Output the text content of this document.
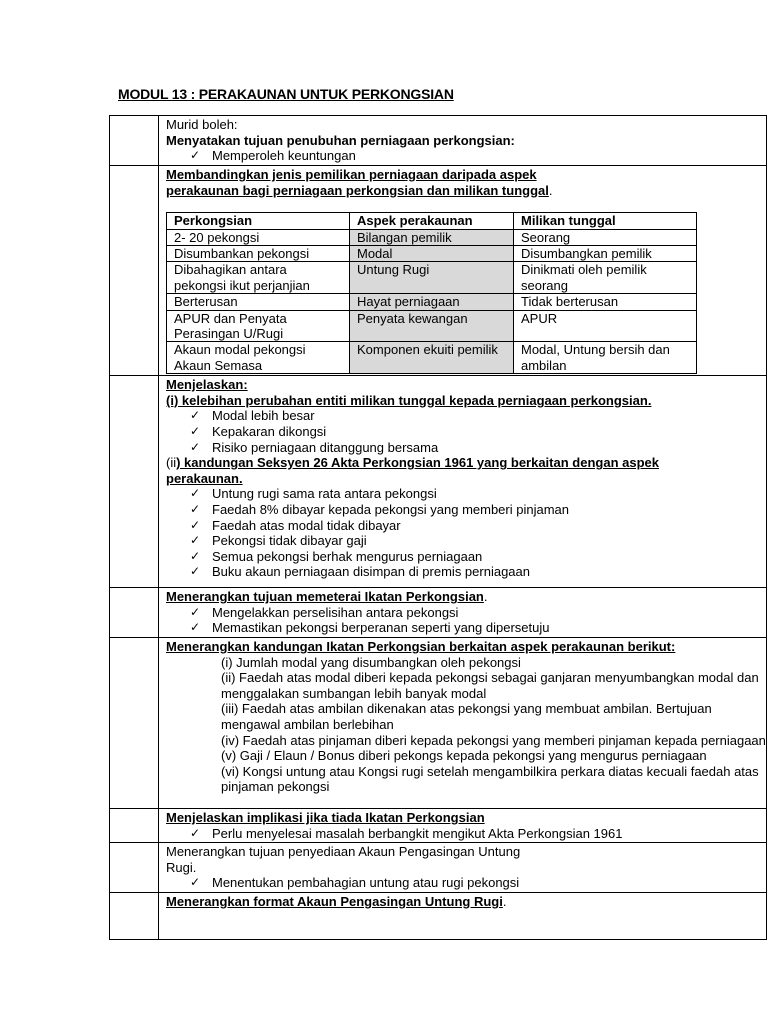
MODUL 13 : PERAKAUNAN UNTUK PERKONGSIAN

Murid boleh:
Menyatakan tujuan penubuhan perniagaan perkongsian:
✓ Memperoleh keuntungan

Membandingkan jenis pemilikan perniagaan daripada aspek perakaunan bagi perniagaan perkongsian dan milikan tunggal.
Perkongsian	Aspek perakaunan	Milikan tunggal
2- 20 pekongsi	Bilangan pemilik	Seorang
Disumbankan pekongsi	Modal	Disumbangkan pemilik
Dibahagikan antara pekongsi ikut perjanjian	Untung Rugi	Dinikmati oleh pemilik seorang
Berterusan	Hayat perniagaan	Tidak berterusan
APUR dan Penyata Perasingan U/Rugi	Penyata kewangan	APUR
Akaun modal pekongsi Akaun Semasa	Komponen ekuiti pemilik	Modal, Untung bersih dan ambilan

Menjelaskan:
(i) kelebihan perubahan entiti milikan tunggal kepada perniagaan perkongsian.
✓ Modal lebih besar
✓ Kepakaran dikongsi
✓ Risiko perniagaan ditanggung bersama
(ii) kandungan Seksyen 26 Akta Perkongsian 1961 yang berkaitan dengan aspek perakaunan.
✓ Untung rugi sama rata antara pekongsi
✓ Faedah 8% dibayar kepada pekongsi yang memberi pinjaman
✓ Faedah atas modal tidak dibayar
✓ Pekongsi tidak dibayar gaji
✓ Semua pekongsi berhak mengurus perniagaan
✓ Buku akaun perniagaan disimpan di premis perniagaan

Menerangkan tujuan memeterai Ikatan Perkongsian.
✓ Mengelakkan perselisihan antara pekongsi
✓ Memastikan pekongsi berperanan seperti yang dipersetuju

Menerangkan kandungan Ikatan Perkongsian berkaitan aspek perakaunan berikut:
(i) Jumlah modal yang disumbangkan oleh pekongsi
(ii) Faedah atas modal diberi kepada pekongsi sebagai ganjaran menyumbangkan modal dan menggalakan sumbangan lebih banyak modal
(iii) Faedah atas ambilan dikenakan atas pekongsi yang membuat ambilan. Bertujuan mengawal ambilan berlebihan
(iv) Faedah atas pinjaman diberi kepada pekongsi yang memberi pinjaman kepada perniagaan
(v) Gaji / Elaun / Bonus diberi pekongs kepada pekongsi yang mengurus perniagaan
(vi) Kongsi untung atau Kongsi rugi setelah mengambilkira perkara diatas kecuali faedah atas pinjaman pekongsi

Menjelaskan implikasi jika tiada Ikatan Perkongsian
✓ Perlu menyelesai masalah berbangkit mengikut Akta Perkongsian 1961

Menerangkan tujuan penyediaan Akaun Pengasingan Untung Rugi.
✓ Menentukan pembahagian untung atau rugi pekongsi

Menerangkan format Akaun Pengasingan Untung Rugi.
